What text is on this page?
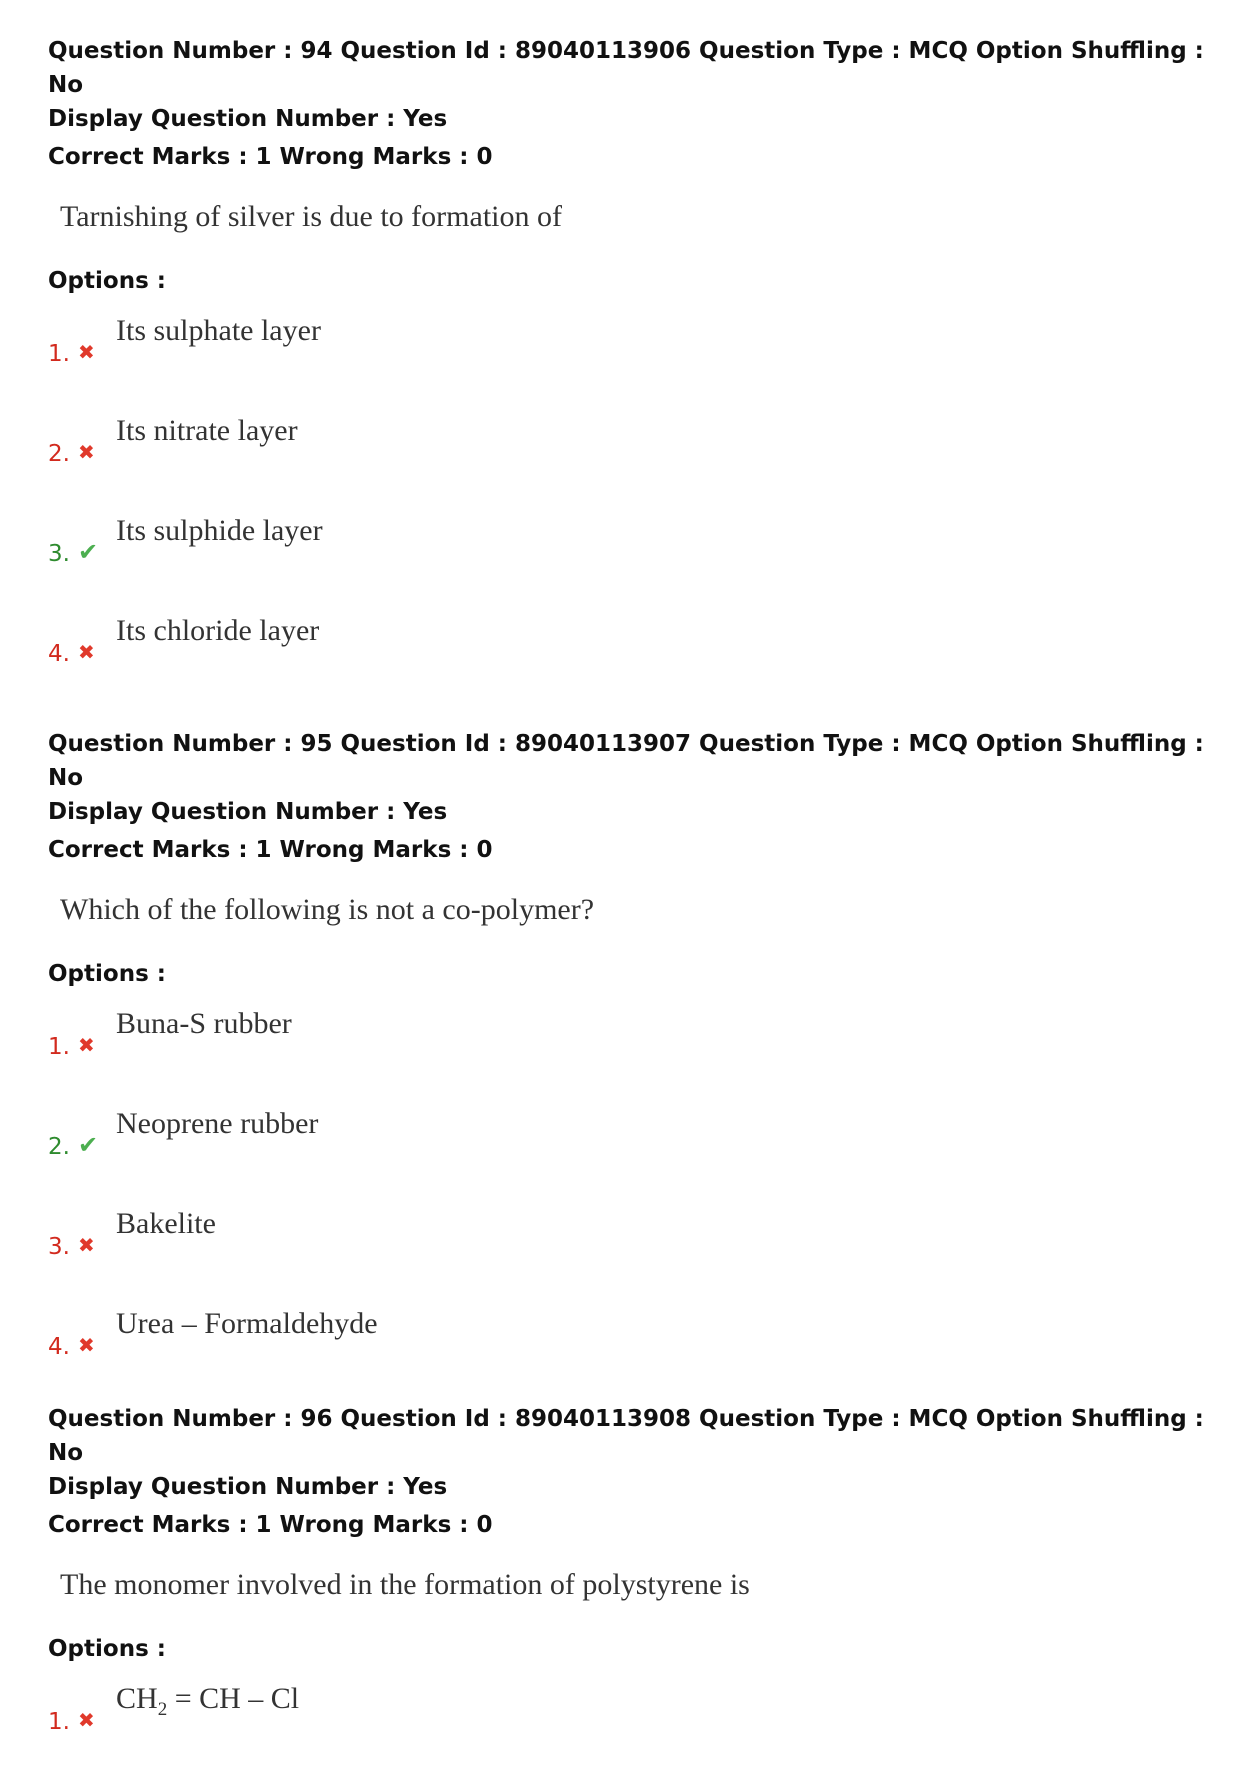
Question Number : 94 Question Id : 89040113906 Question Type : MCQ Option Shuffling : No
Display Question Number : Yes
Correct Marks : 1 Wrong Marks : 0
Tarnishing of silver is due to formation of
Options :
1. ✖
Its sulphate layer
2. ✖
Its nitrate layer
3. ✔
Its sulphide layer
4. ✖
Its chloride layer
Question Number : 95 Question Id : 89040113907 Question Type : MCQ Option Shuffling : No
Display Question Number : Yes
Correct Marks : 1 Wrong Marks : 0
Which of the following is not a co-polymer?
Options :
1. ✖
Buna-S rubber
2. ✔
Neoprene rubber
3. ✖
Bakelite
4. ✖
Urea – Formaldehyde
Question Number : 96 Question Id : 89040113908 Question Type : MCQ Option Shuffling : No
Display Question Number : Yes
Correct Marks : 1 Wrong Marks : 0
The monomer involved in the formation of polystyrene is
Options :
1. ✖
$CH_2$ = CH – Cl
